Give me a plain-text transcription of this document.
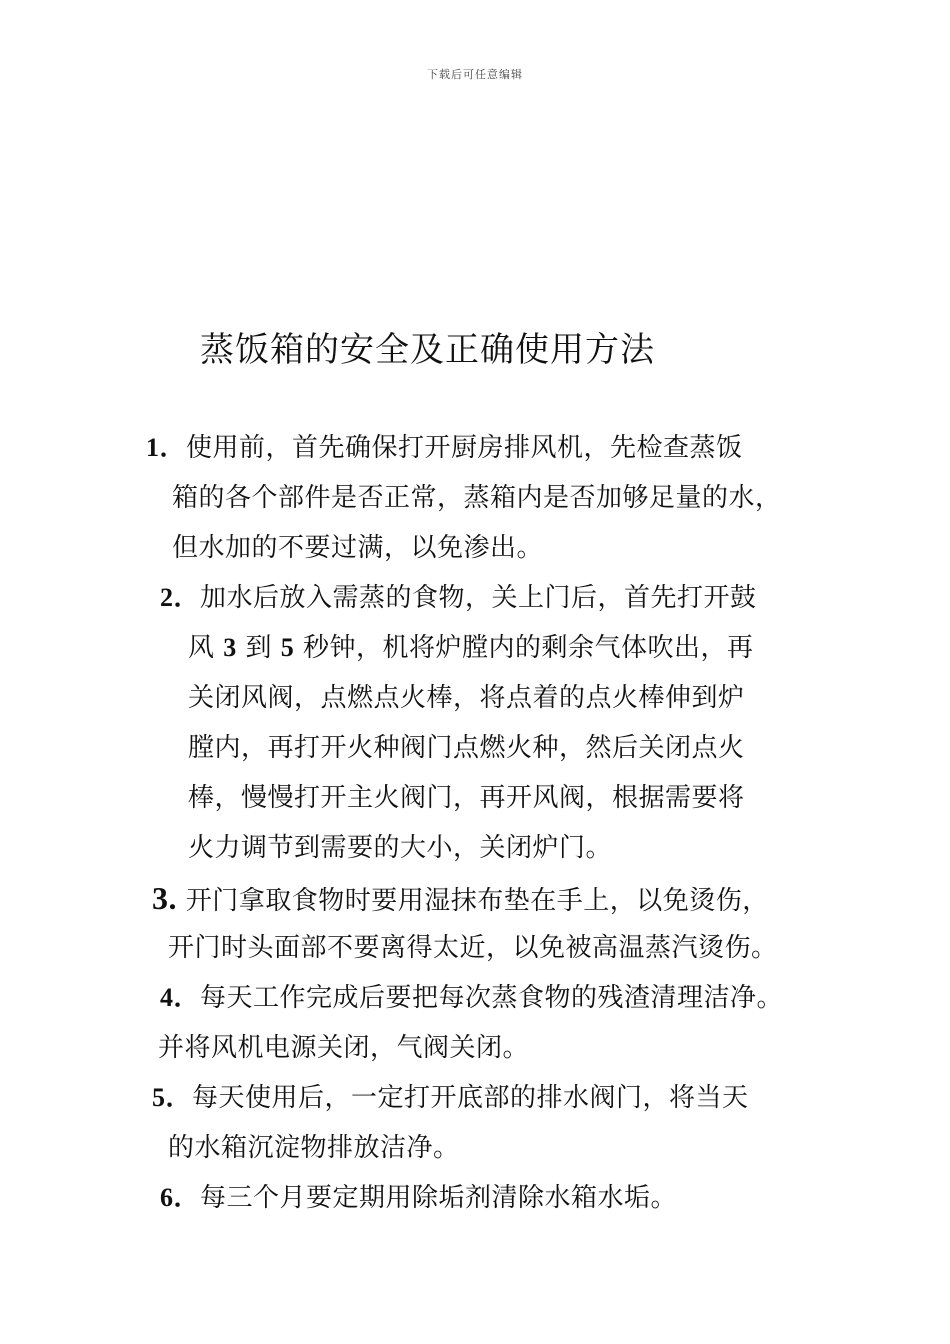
下载后可任意编辑
蒸饭箱的安全及正确使用方法
1．使用前，首先确保打开厨房排风机，先检查蒸饭
箱的各个部件是否正常，蒸箱内是否加够足量的水，
但水加的不要过满，以免渗出。
2．加水后放入需蒸的食物，关上门后，首先打开鼓
风 3 到 5 秒钟，机将炉膛内的剩余气体吹出，再
关闭风阀，点燃点火棒，将点着的点火棒伸到炉
膛内，再打开火种阀门点燃火种，然后关闭点火
棒，慢慢打开主火阀门，再开风阀，根据需要将
火力调节到需要的大小，关闭炉门。
3. 开门拿取食物时要用湿抹布垫在手上，以免烫伤，
开门时头面部不要离得太近，以免被高温蒸汽烫伤。
4．每天工作完成后要把每次蒸食物的残渣清理洁净。
并将风机电源关闭，气阀关闭。
5．每天使用后，一定打开底部的排水阀门，将当天
的水箱沉淀物排放洁净。
6．每三个月要定期用除垢剂清除水箱水垢。
